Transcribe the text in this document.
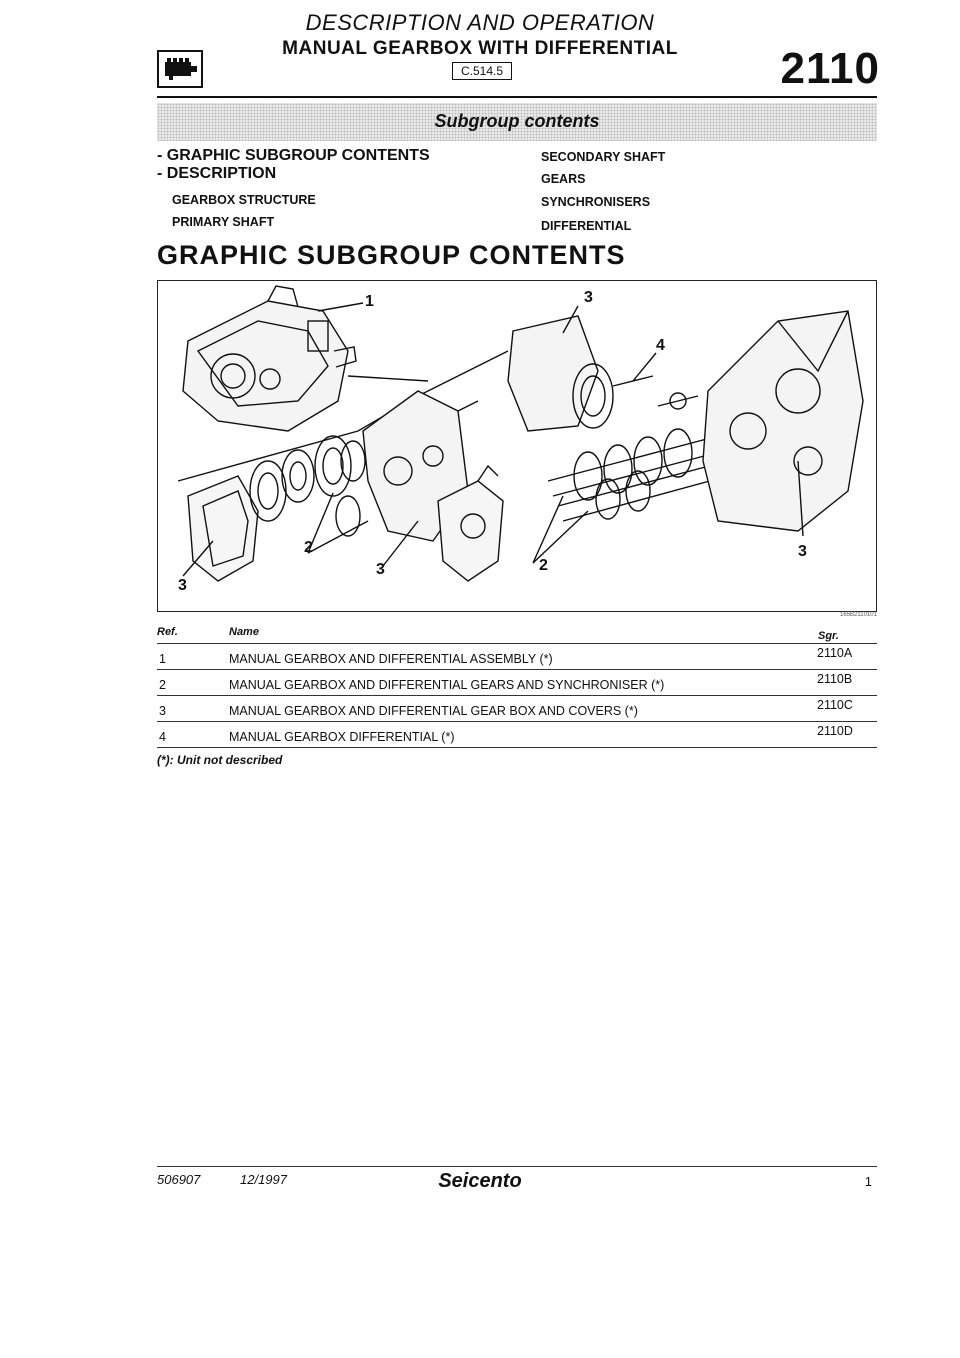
DESCRIPTION AND OPERATION
MANUAL GEARBOX WITH DIFFERENTIAL
C.514.5	2110
Subgroup contents
- GRAPHIC SUBGROUP CONTENTS
- DESCRIPTION
GEARBOX STRUCTURE
PRIMARY SHAFT
SECONDARY SHAFT
GEARS
SYNCHRONISERS
DIFFERENTIAL
GRAPHIC SUBGROUP CONTENTS
1	3
4
2
3	2
3
3
165B2110101
Ref.	Name	Sgr.
1	MANUAL GEARBOX AND DIFFERENTIAL ASSEMBLY (*)	2110A
2	MANUAL GEARBOX AND DIFFERENTIAL GEARS AND SYNCHRONISER (*)	2110B
3	MANUAL GEARBOX AND DIFFERENTIAL GEAR BOX AND COVERS (*)	2110C
4	MANUAL GEARBOX DIFFERENTIAL (*)	2110D
(*): Unit not described
506907	12/1997	Seicento	1
